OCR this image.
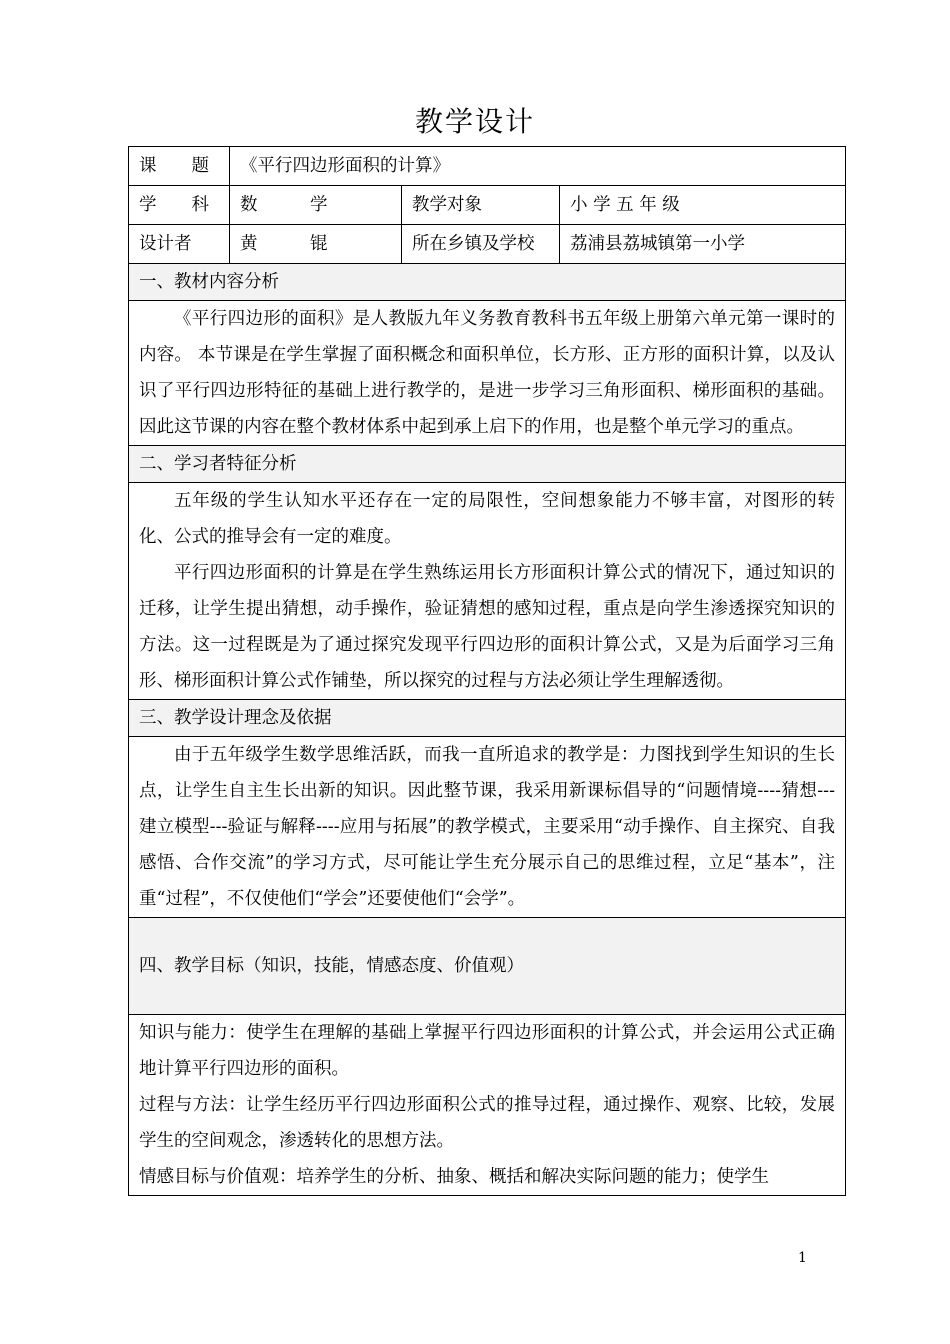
教学设计
课　　题	《平行四边形面积的计算》		
学　　科	数　　　学	教学对象	小 学 五 年 级
设计者	黄　　　锟	所在乡镇及学校	荔浦县荔城镇第一小学
一、教材内容分析			

《平行四边形的面积》是人教版九年义务教育教科书五年级上册第六单元第一课时的内容。 本节课是在学生掌握了面积概念和面积单位，长方形、正方形的面积计算，以及认识了平行四边形特征的基础上进行教学的，是进一步学习三角形面积、梯形面积的基础。因此这节课的内容在整个教材体系中起到承上启下的作用，也是整个单元学习的重点。			

二、学习者特征分析			

五年级的学生认知水平还存在一定的局限性，空间想象能力不够丰富，对图形的转化、公式的推导会有一定的难度。

平行四边形面积的计算是在学生熟练运用长方形面积计算公式的情况下，通过知识的迁移，让学生提出猜想，动手操作，验证猜想的感知过程，重点是向学生渗透探究知识的方法。这一过程既是为了通过探究发现平行四边形的面积计算公式，又是为后面学习三角形、梯形面积计算公式作铺垫，所以探究的过程与方法必须让学生理解透彻。			

三、教学设计理念及依据			

由于五年级学生数学思维活跃，而我一直所追求的教学是：力图找到学生知识的生长点，让学生自主生长出新的知识。因此整节课，我采用新课标倡导的“问题情境----猜想---建立模型---验证与解释----应用与拓展”的教学模式，主要采用“动手操作、自主探究、自我感悟、合作交流”的学习方式，尽可能让学生充分展示自己的思维过程，立足“基本”，注重“过程”，不仅使他们“学会”还要使他们“会学”。			

四、教学目标（知识，技能，情感态度、价值观）			

知识与能力：使学生在理解的基础上掌握平行四边形面积的计算公式，并会运用公式正确地计算平行四边形的面积。

过程与方法：让学生经历平行四边形面积公式的推导过程，通过操作、观察、比较，发展学生的空间观念，渗透转化的思想方法。

情感目标与价值观：培养学生的分析、抽象、概括和解决实际问题的能力；使学生			

1
